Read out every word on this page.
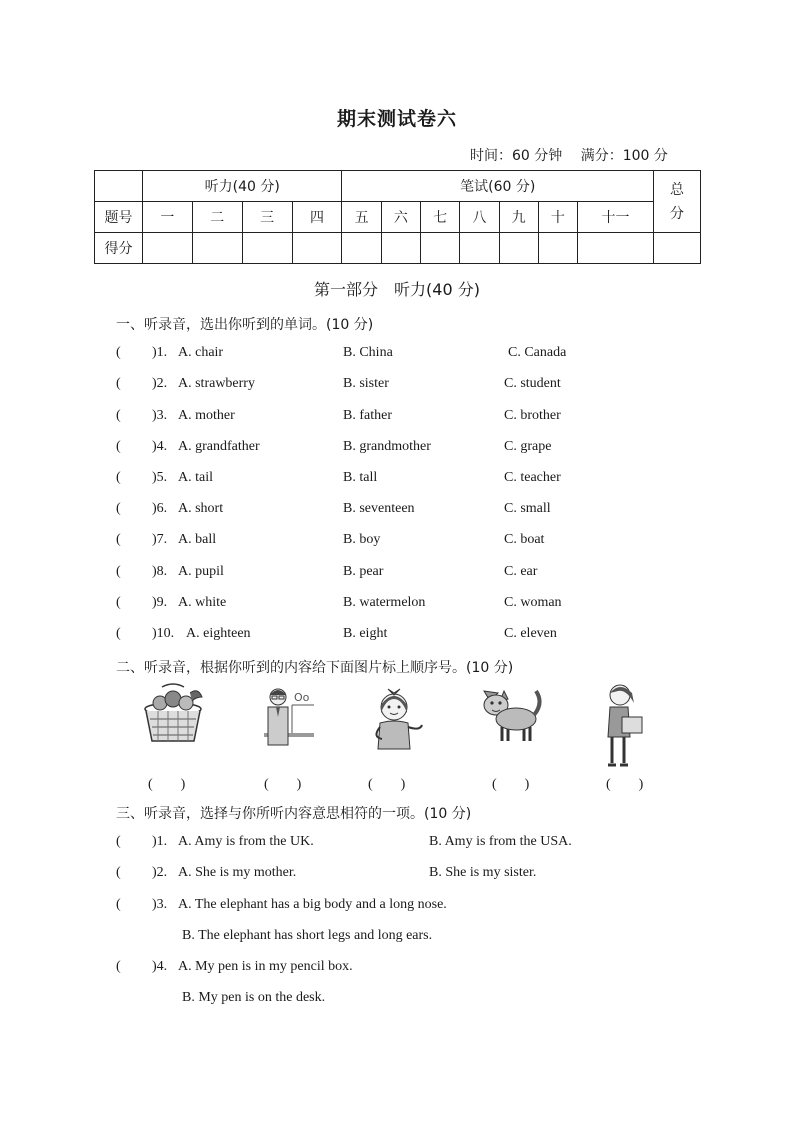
期末测试卷六
时间：60 分钟 满分：100 分
	听力(40 分)				笔试(60 分)							总分

题号	一	二	三	四	五	六	七	八	九	十	十一	
得分												
第一部分　听力(40 分)
一、听录音，选出你听到的单词。(10 分)
( )1. A. chair	B. China	C. Canada
( )2. A. strawberry	B. sister	C. student
( )3. A. mother	B. father	C. brother
( )4. A. grandfather	B. grandmother	C. grape
( )5. A. tail	B. tall	C. teacher
( )6. A. short	B. seventeen	C. small
( )7. A. ball	B. boy	C. boat
( )8. A. pupil	B. pear	C. ear
( )9. A. white	B. watermelon	C. woman
( )10. A. eighteen	B. eight	C. eleven
二、听录音，根据你听到的内容给下面图片标上顺序号。(10 分)
Oo
(　　)	(　　)	(　　)	(　　)	(　　)
三、听录音，选择与你所听内容意思相符的一项。(10 分)
( )1. A. Amy is from the UK.	B. Amy is from the USA.
( )2. A. She is my mother.	B. She is my sister.
( )3. A. The elephant has a big body and a long nose.
B. The elephant has short legs and long ears.
( )4. A. My pen is in my pencil box.
B. My pen is on the desk.
